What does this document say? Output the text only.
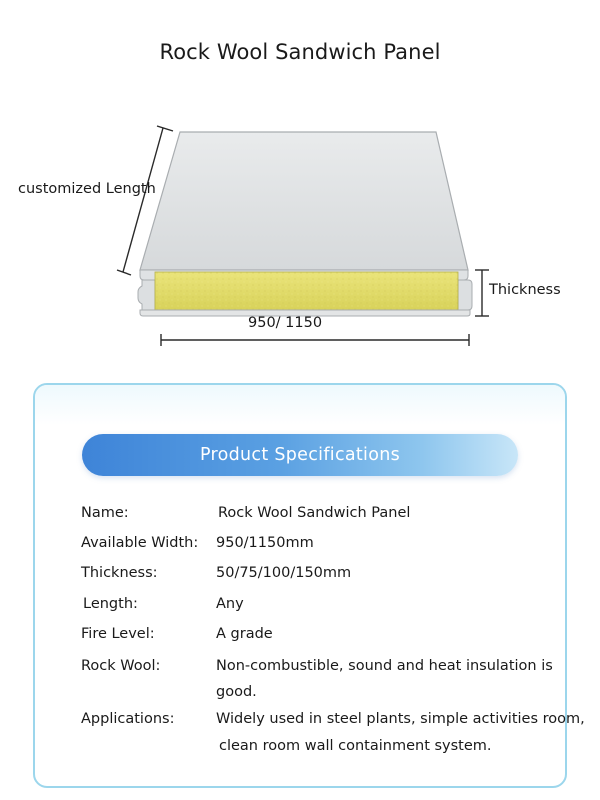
Rock Wool Sandwich Panel
customized Length
Thickness
950/ 1150
Product Specifications
Name:	Rock Wool Sandwich Panel
Available Width: 950/1150mm
Thickness:	50/75/100/150mm
Length:	Any
Fire Level:	A grade
Rock Wool:	Non-combustible, sound and heat insulation is
good.
Applications:	Widely used in steel plants, simple activities room,
clean room wall containment system.
